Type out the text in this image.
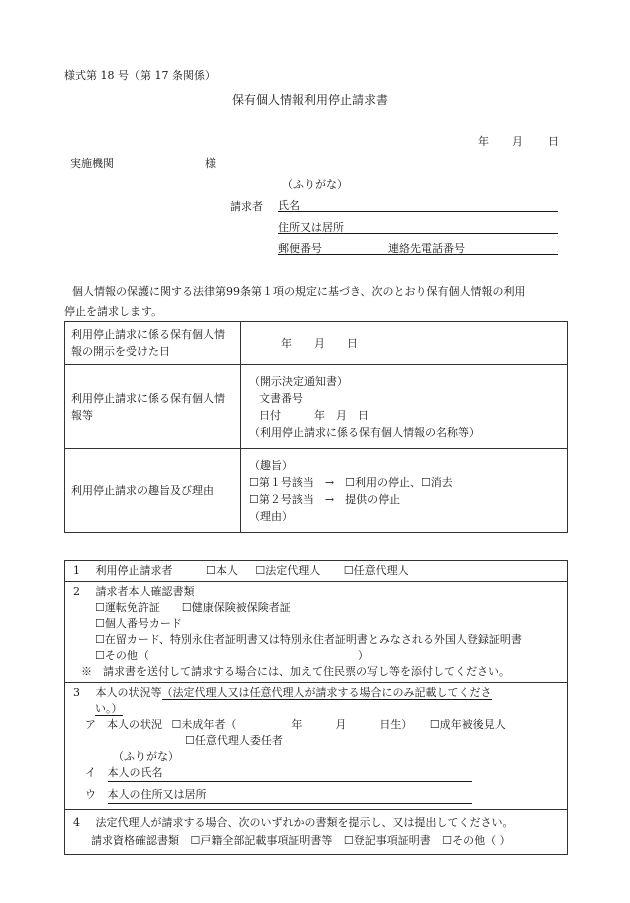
様式第 18 号（第 17 条関係）
保有個人情報利用停止請求書
年 月 日
実施機関	様
（ふりがな）
請求者 氏名
住所又は居所
郵便番号	連絡先電話番号
個人情報の保護に関する法律第99条第１項の規定に基づき、次のとおり保有個人情報の利用
停止を請求します。
利用停止請求に係る保有個人情報の開示を受けた日	年　　月　　日
利用停止請求に係る保有個人情報等	（開示決定通知書）
文書番号
日付　　　年　月　日
（利用停止請求に係る保有個人情報の名称等）

利用停止請求の趣旨及び理由	（趣旨）
☐第１号該当　→　☐利用の停止、☐消去
☐第２号該当　→　提供の停止
（理由）
1 利用停止請求者	☐本人 ☐法定代理人 ☐任意代理人

2 請求者本人確認書類
☐運転免許証　　☐健康保険被保険者証
☐個人番号カード
☐在留カード、特別永住者証明書又は特別永住者証明書とみなされる外国人登録証明書
☐その他（　　　　　　　　　　　　　　　　　　　）
※　請求書を送付して請求する場合には、加えて住民票の写し等を添付してください。

3 本人の状況等（法定代理人又は任意代理人が請求する場合にのみ記載してくださ
い。）
ア　本人の状況 ☐未成年者（　　　　　年　　　月　　　日生） ☐成年被後見人
☐任意代理人委任者
（ふりがな）
イ 本人の氏名
ウ 本人の住所又は居所

4 法定代理人が請求する場合、次のいずれかの書類を提示し、又は提出してください。
請求資格確認書類 ☐戸籍全部記載事項証明書等 ☐登記事項証明書 ☐その他（ ）
